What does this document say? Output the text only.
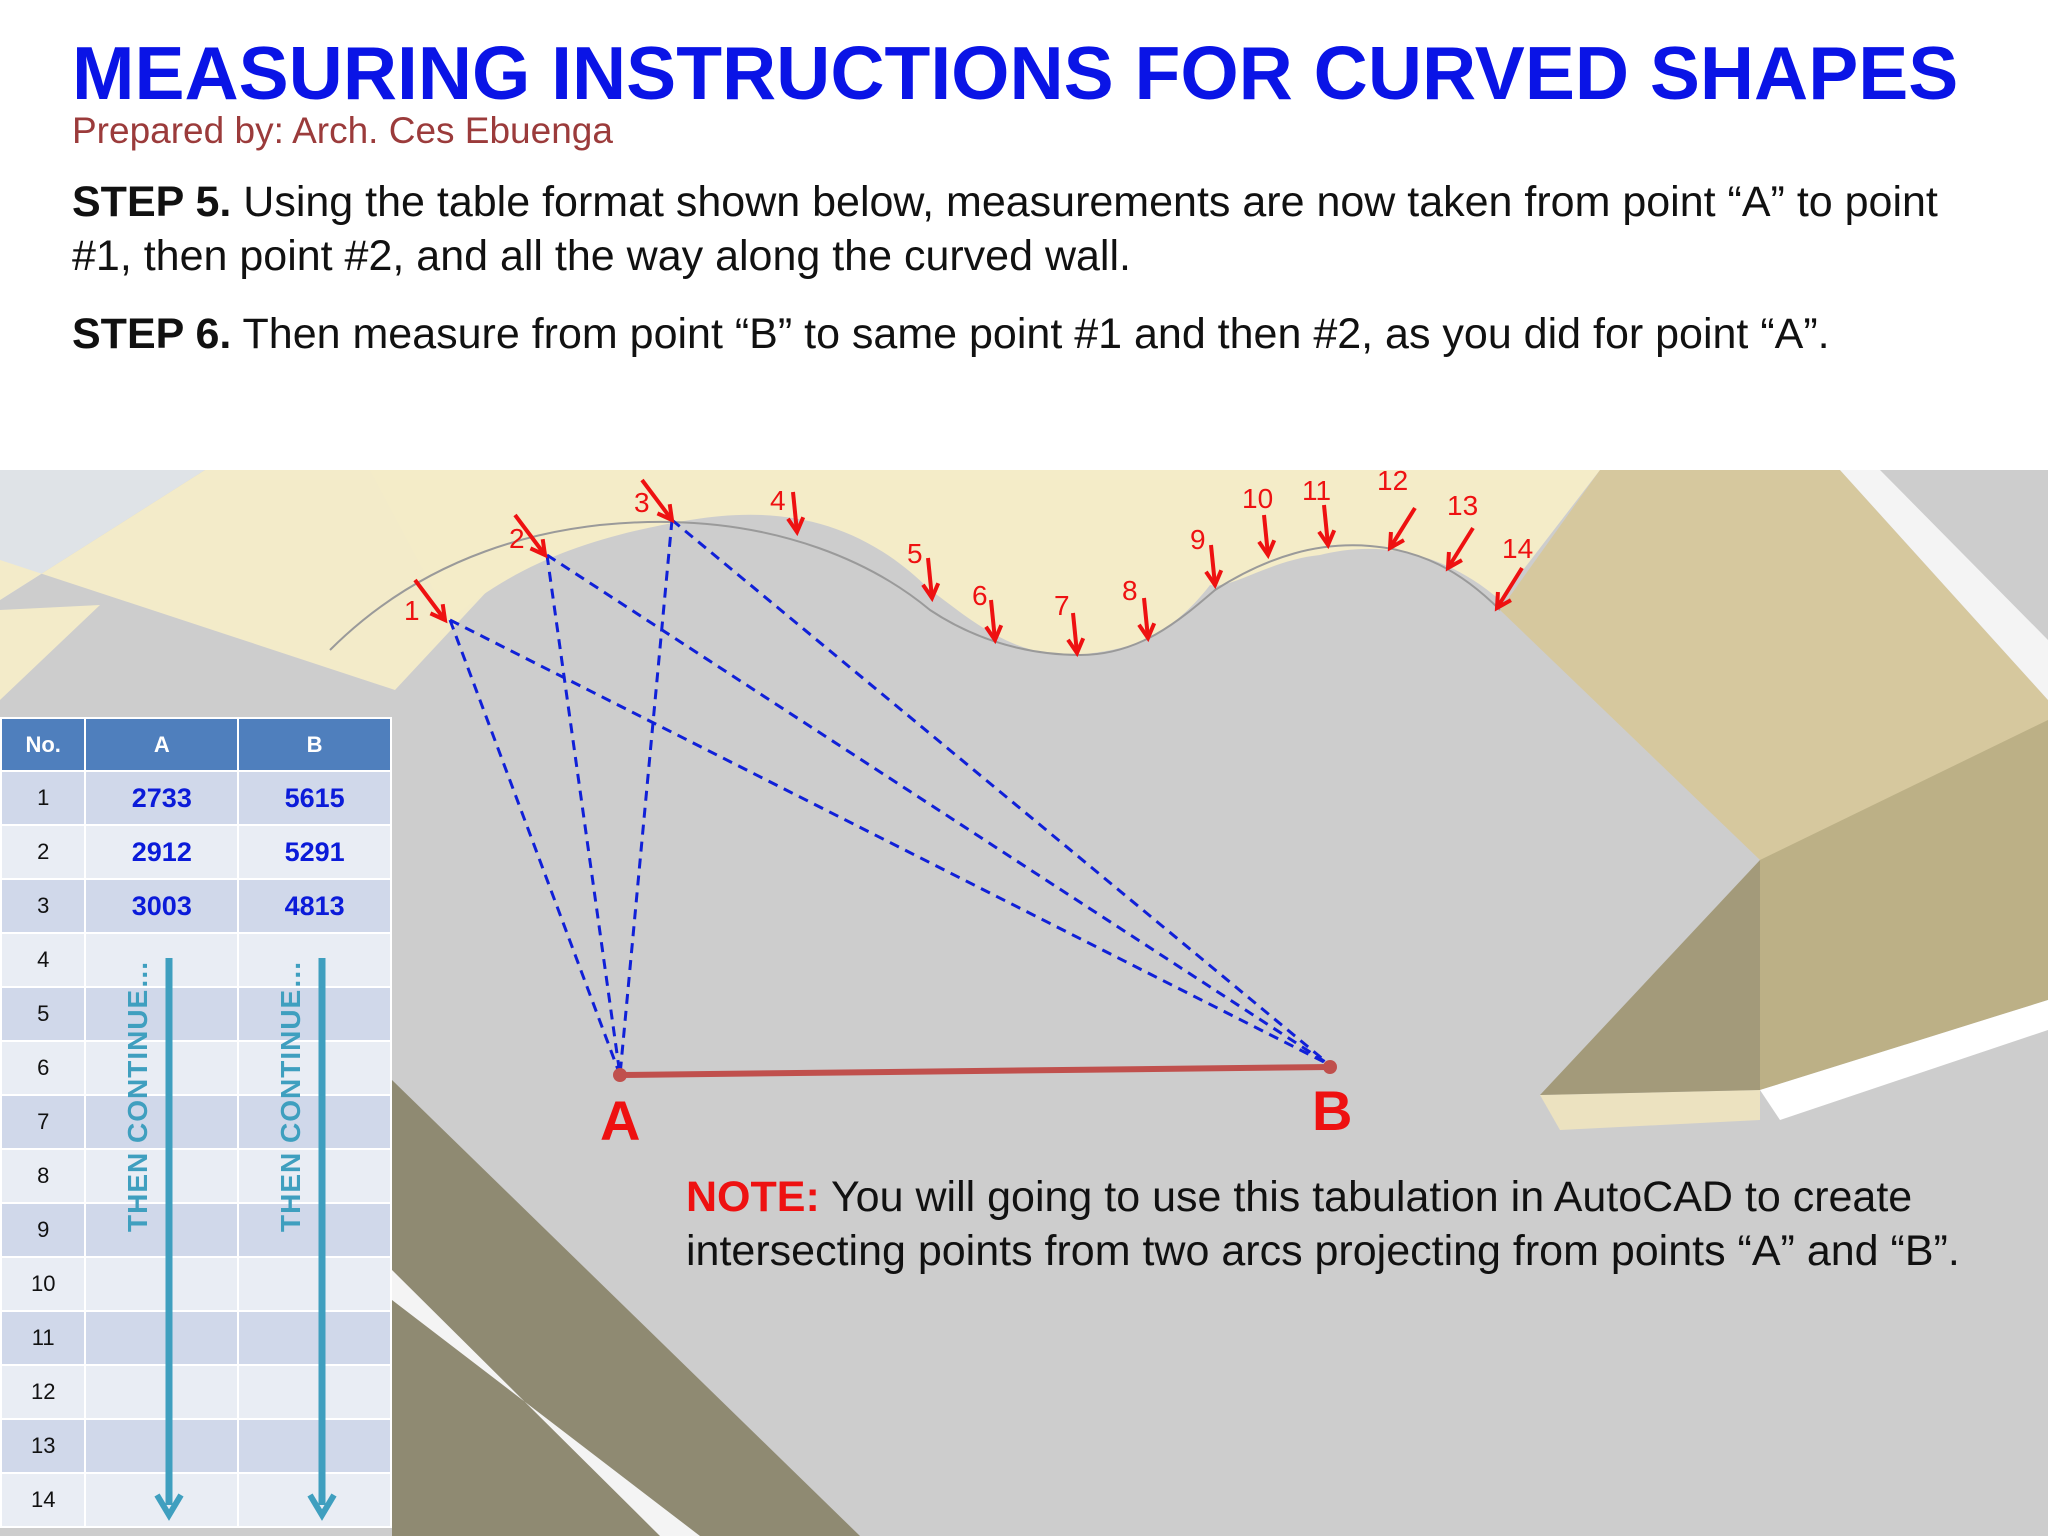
MEASURING INSTRUCTIONS FOR CURVED SHAPES
Prepared by: Arch. Ces Ebuenga
STEP 5. Using the table format shown below, measurements are now taken from point “A” to point #1, then point #2, and all the way along the curved wall.
STEP 6. Then measure from point “B” to same point #1 and then #2, as you did for point “A”.
A	B
1
2
3	4
5
6 7 8
9
10 11 12
13
14
No.	A	B
1	2733	5615
2	2912	5291
3	3003	4813
4		
5		
6		
7		
8		
9		
10		
11		
12		
13		
14		
THEN CONTINUE…	THEN CONTINUE…	NOTE: You will going to use this tabulation in AutoCAD to create intersecting points from two arcs projecting from points “A” and “B”.
